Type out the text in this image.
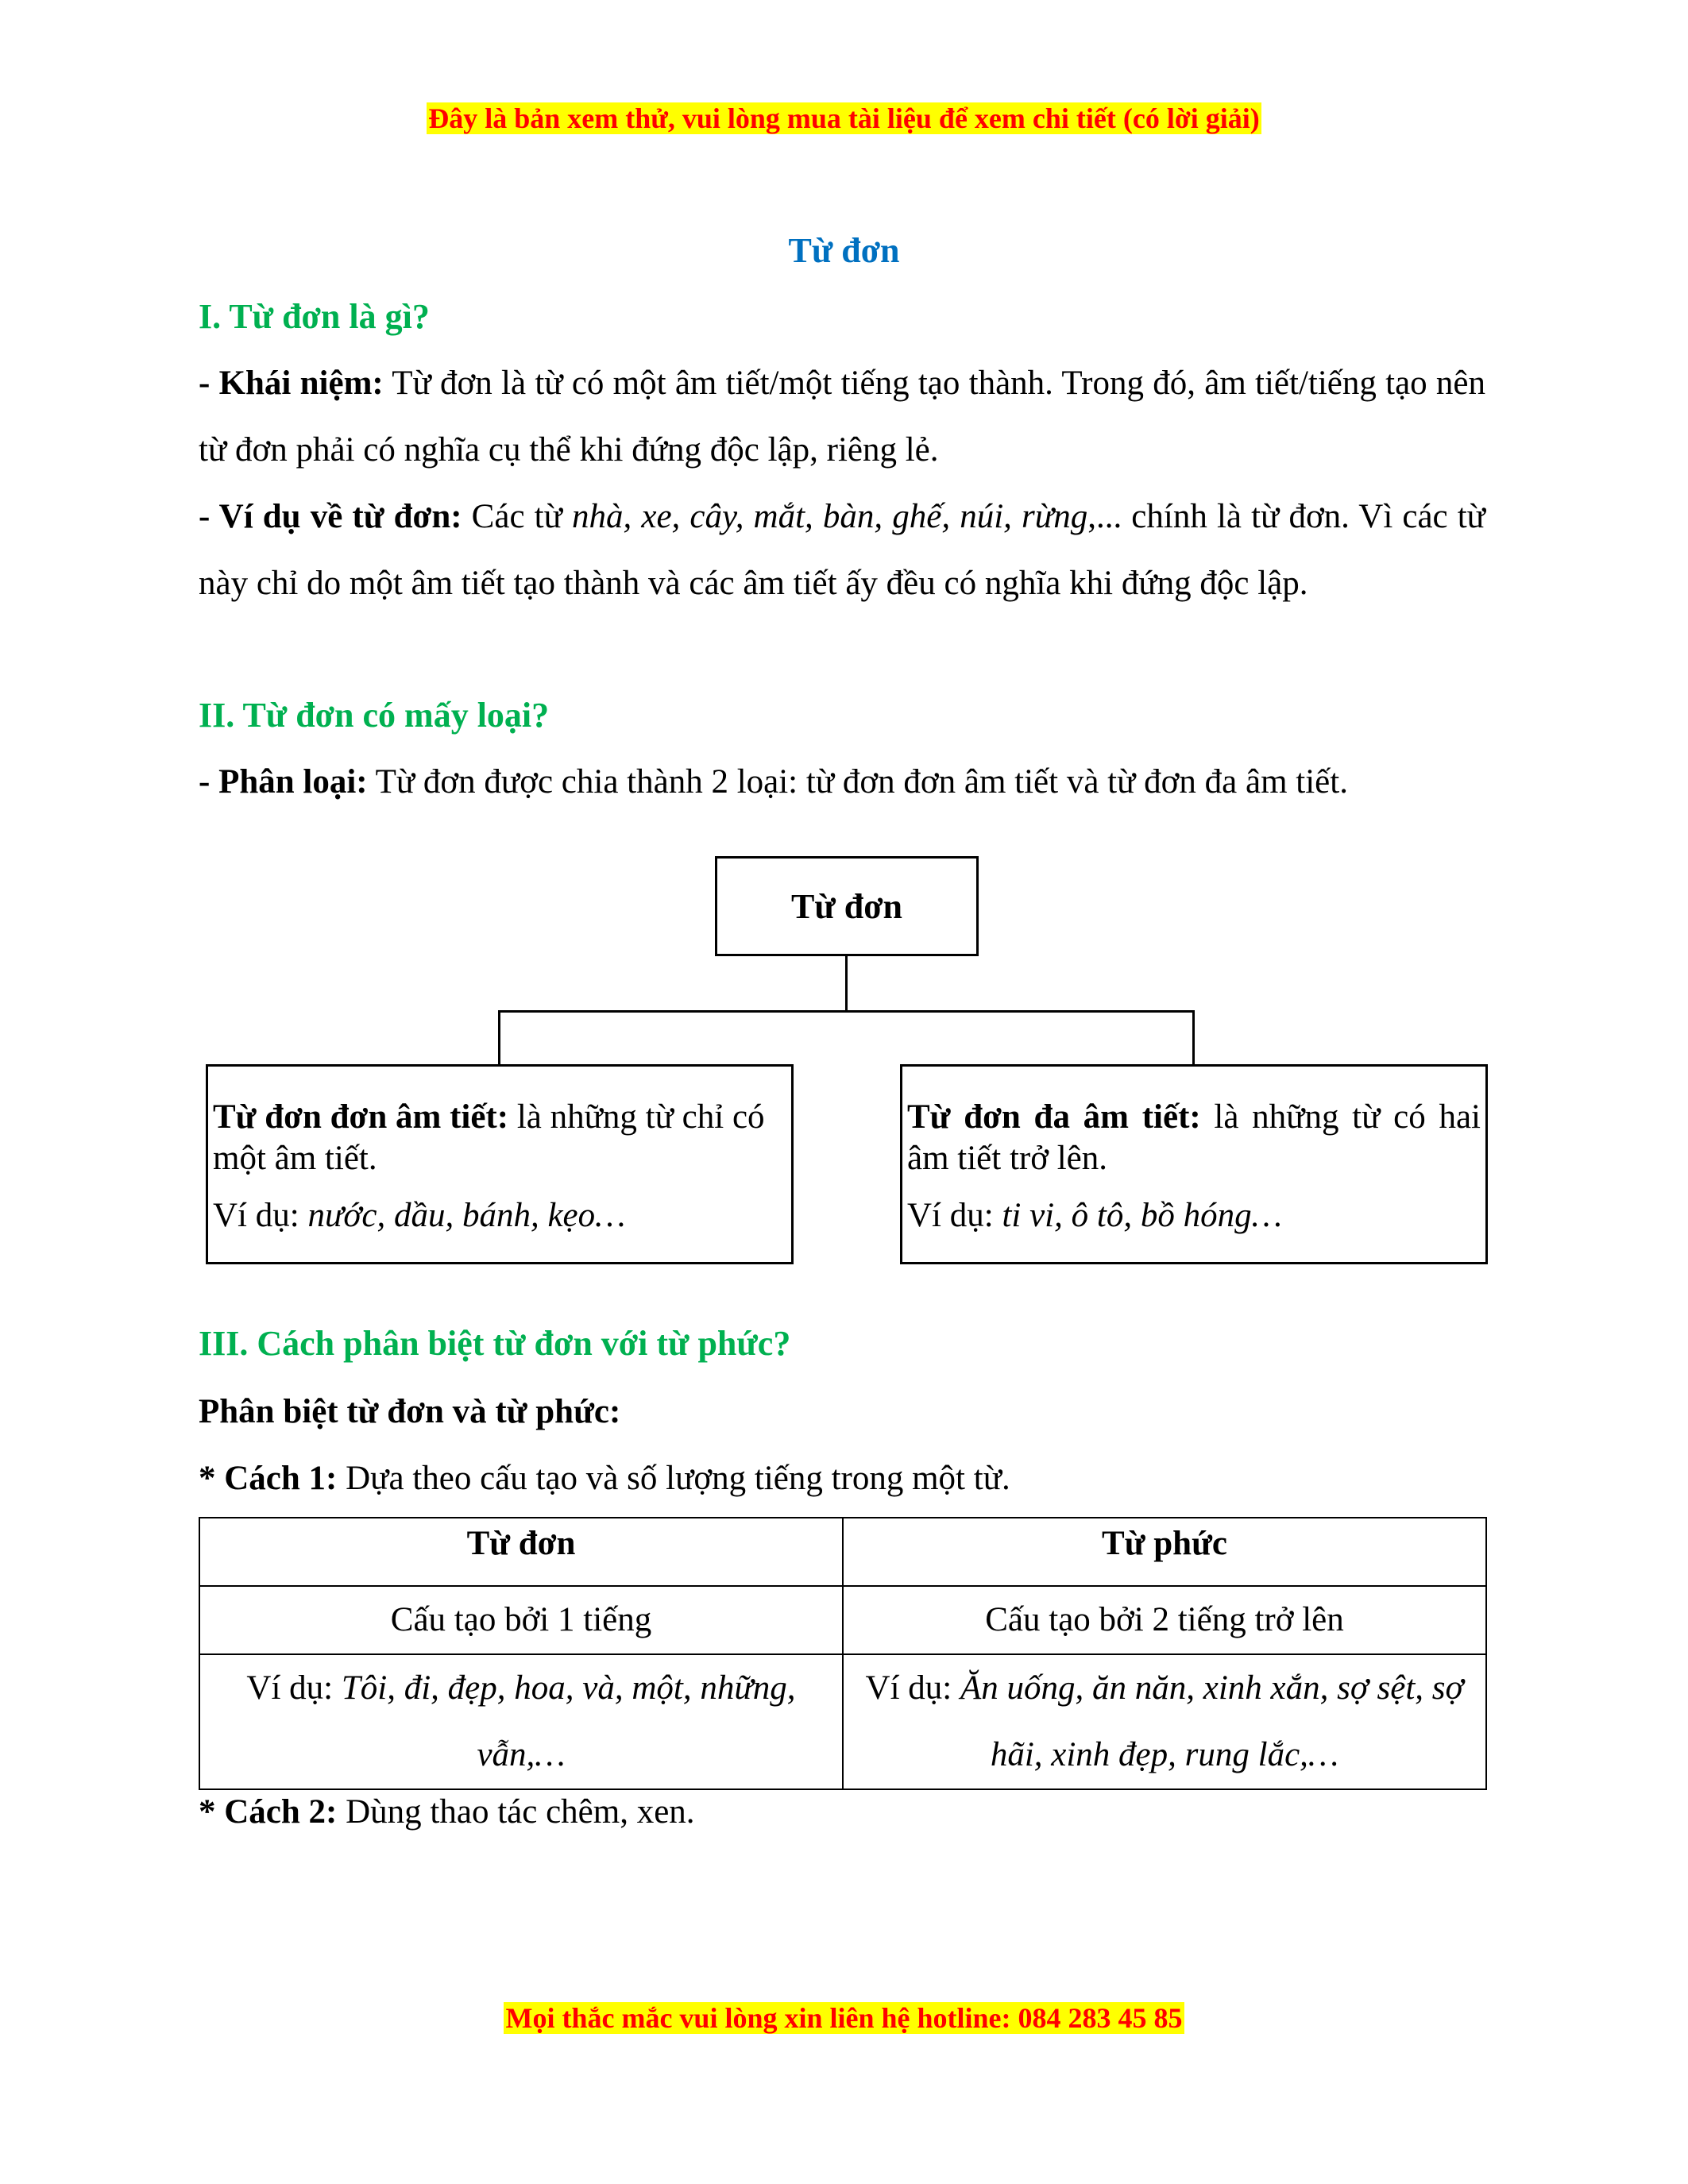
Đây là bản xem thử, vui lòng mua tài liệu để xem chi tiết (có lời giải)
Từ đơn
I. Từ đơn là gì?
- Khái niệm: Từ đơn là từ có một âm tiết/một tiếng tạo thành. Trong đó, âm tiết/tiếng tạo nên từ đơn phải có nghĩa cụ thể khi đứng độc lập, riêng lẻ.
- Ví dụ về từ đơn: Các từ nhà, xe, cây, mắt, bàn, ghế, núi, rừng,... chính là từ đơn. Vì các từ này chỉ do một âm tiết tạo thành và các âm tiết ấy đều có nghĩa khi đứng độc lập.
II. Từ đơn có mấy loại?
- Phân loại: Từ đơn được chia thành 2 loại: từ đơn đơn âm tiết và từ đơn đa âm tiết.
Từ đơn
Từ đơn đơn âm tiết: là những từ chỉ có một âm tiết.
Ví dụ: nước, dầu, bánh, kẹo…
Từ đơn đa âm tiết: là những từ có hai âm tiết trở lên.
Ví dụ: ti vi, ô tô, bồ hóng…
III. Cách phân biệt từ đơn với từ phức?
Phân biệt từ đơn và từ phức:
* Cách 1: Dựa theo cấu tạo và số lượng tiếng trong một từ.
Từ đơn	Từ phức
Cấu tạo bởi 1 tiếng	Cấu tạo bởi 2 tiếng trở lên
Ví dụ: Tôi, đi, đẹp, hoa, và, một, những, vẫn,…	Ví dụ: Ăn uống, ăn năn, xinh xắn, sợ sệt, sợ hãi, xinh đẹp, rung lắc,…
* Cách 2: Dùng thao tác chêm, xen.
Mọi thắc mắc vui lòng xin liên hệ hotline: 084 283 45 85
